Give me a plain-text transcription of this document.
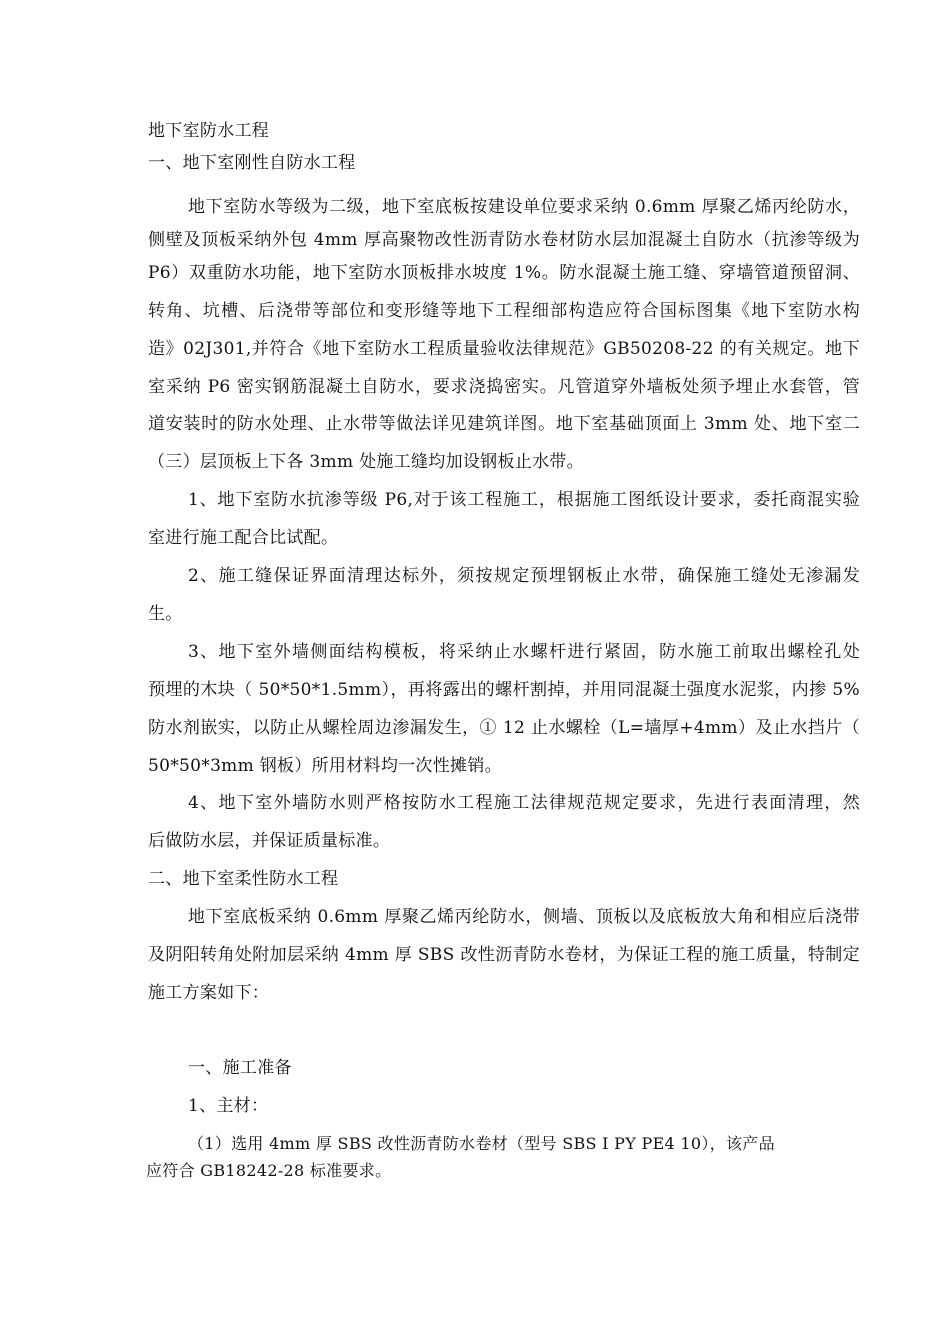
地下室防水工程
一、地下室刚性自防水工程
地下室防水等级为二级，地下室底板按建设单位要求采纳 0.6mm 厚聚乙烯丙纶防水，
侧壁及顶板采纳外包 4mm 厚高聚物改性沥青防水卷材防水层加混凝土自防水（抗渗等级为
P6）双重防水功能，地下室防水顶板排水坡度 1%。防水混凝土施工缝、穿墙管道预留洞、
转角、坑槽、后浇带等部位和变形缝等地下工程细部构造应符合国标图集《地下室防水构
造》02J301,并符合《地下室防水工程质量验收法律规范》GB50208-22 的有关规定。地下
室采纳 P6 密实钢筋混凝土自防水，要求浇捣密实。凡管道穿外墙板处须予埋止水套管，管
道安装时的防水处理、止水带等做法详见建筑详图。地下室基础顶面上 3mm 处、地下室二
（三）层顶板上下各 3mm 处施工缝均加设钢板止水带。
1、地下室防水抗渗等级 P6,对于该工程施工，根据施工图纸设计要求，委托商混实验
室进行施工配合比试配。
2、施工缝保证界面清理达标外，须按规定预埋钢板止水带，确保施工缝处无渗漏发
生。
3、地下室外墙侧面结构模板，将采纳止水螺杆进行紧固，防水施工前取出螺栓孔处
预埋的木块（ 50*50*1.5mm），再将露出的螺杆割掉，并用同混凝土强度水泥浆，内掺 5%
防水剂嵌实，以防止从螺栓周边渗漏发生，① 12 止水螺栓（L=墙厚+4mm）及止水挡片（
50*50*3mm 钢板）所用材料均一次性摊销。
4、地下室外墙防水则严格按防水工程施工法律规范规定要求，先进行表面清理，然
后做防水层，并保证质量标准。
二、地下室柔性防水工程
地下室底板采纳 0.6mm 厚聚乙烯丙纶防水，侧墙、顶板以及底板放大角和相应后浇带
及阴阳转角处附加层采纳 4mm 厚 SBS 改性沥青防水卷材，为保证工程的施工质量，特制定
施工方案如下：
一、施工准备
1、主材：
（1）选用 4mm 厚 SBS 改性沥青防水卷材（型号 SBS Ⅰ PY PE4 10），该产品
应符合 GB18242-28 标准要求。
